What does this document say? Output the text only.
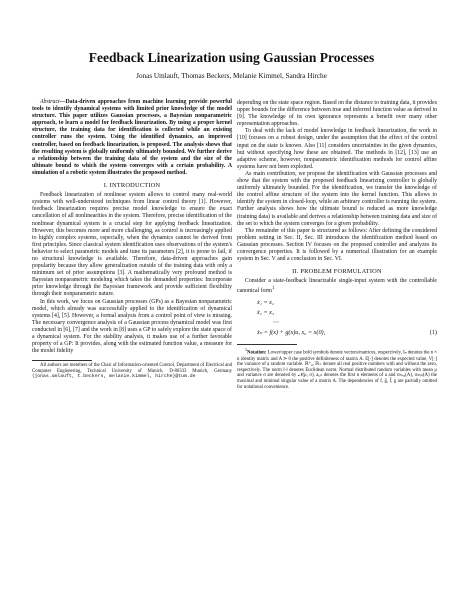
Feedback Linearization using Gaussian Processes
Jonas Umlauft, Thomas Beckers, Melanie Kimmel, Sandra Hirche

Abstract—Data-driven approaches from machine learning provide powerful tools to identify dynamical systems with limited prior knowledge of the model structure. This paper utilizes Gaussian processes, a Bayesian nonparametric approach, to learn a model for feedback linearization. By using a proper kernel structure, the training data for identification is collected while an existing controller runs the system. Using the identified dynamics, an improved controller, based on feedback linearization, is proposed. The analysis shows that the resulting system is globally uniformly ultimately bounded. We further derive a relationship between the training data of the system and the size of the ultimate bound to which the system converges with a certain probability. A simulation of a robotic system illustrates the proposed method.

I. INTRODUCTION

Feedback linearization of nonlinear system allows to control many real-world systems with well-understood techniques from linear control theory [1]. However, feedback linearization requires precise model knowledge to ensure the exact cancellation of all nonlinearities in the system. Therefore, precise identification of the nonlinear dynamical system is a crucial step for applying feedback linearization. However, this becomes more and more challenging, as control is increasingly applied to highly complex systems, especially, when the dynamics cannot be derived from first principles. Since classical system identification uses observations of the system's behavior to select parametric models and tune its parameters [2], it is prone to fail, if no structural knowledge is available. Therefore, data-driven approaches gain popularity because they allow generalization outside of the training data with only a minimum set of prior assumptions [3]. A mathematically very profound method is Bayesian nonparametric modeling which takes the demanded properties: Incorporate prior knowledge through the Bayesian framework and provide sufficient flexibility through their nonparametric nature.

In this work, we focus on Gaussian processes (GPs) as a Bayesian nonparametric model, which already was successfully applied to the identification of dynamical systems [4], [5]. However, a formal analysis from a control point of view is missing. The necessary convergence analysis of a Gaussian process dynamical model was first conducted in [6], [7] and the work in [8] uses a GP to safely explore the state space of a dynamical system. For the stability analysis, it makes use of a further favorable property of a GP: It provides, along with the estimated function value, a measure for the model fidelity

All authors are members of the Chair of Information-oriented Control, Department of Electrical and Computer Engineering, Technical University of Munich, D-80333 Munich, Germany {jonas.umlauft, t.beckers, melanie.kimmel, hirche}@tum.de

depending on the state space region. Based on the distance to training data, it provides upper bounds for the difference between true and inferred function value as derived in [9]. The knowledge of its own ignorance represents a benefit over many other representation approaches.

To deal with the lack of model knowledge in feedback linearization, the work in [10] focuses on a robust design, under the assumption that the effect of the control input on the state is known. Also [11] considers uncertainties in the given dynamics, but without specifying how these are obtained. The methods in [12], [13] use an adaptive scheme, however, nonparametric identification methods for control affine systems have not been exploited.

As main contribution, we propose the identification with Gaussian processes and show that the system with the proposed feedback linearizing controller is globally uniformly ultimately bounded. For the identification, we transfer the knowledge of the control affine structure of the system into the kernel function. This allows to identify the system in closed-loop, while an arbitrary controller is running the system. Further analysis shows how the ultimate bound is reduced as more knowledge (training data) is available and derives a relationship between training data and size of the set to which the system converges for a given probability.

The remainder of this paper is structured as follows: After defining the considered problem setting in Sec. II, Sec. III introduces the identification method based on Gaussian processes. Section IV focuses on the proposed controller and analyzes its convergence properties. It is followed by a numerical illustration for an example system in Sec. V and a conclusion in Sec. VI.

II. PROBLEM FORMULATION

Consider a state-feedback linearizable single-input system with the controllable canonical form$^1$

ẋ₁ = x₂
ẋ₂ = x₃
⋯
ẋₙ = f(x) + g(x)u, x₀ = x(0),	(1)

$^1$Notation: Lower/upper case bold symbols denote vectors/matrices, respectively, Iₙ denotes the n × n identity matrix and A ≻ 0 the positive definiteness of matrix A. E[·] denotes the expected value, V[·] the variance of a random variable. ℝ⁺₀, ℝ₊ denote all real positive numbers with and without the zero, respectively. The norm ‖·‖ denotes Euclidean norm. Normal distributed random variables with mean μ and variance σ are denoted by 𝒩(μ, σ), aᵢ,ₙ denotes the first n elements of a and σₘₐₓ(A), σₘᵢₙ(A) the maximal and minimal singular value of a matrix A. The dependencies of f, ĝ, f̂, g are partially omitted for notational convenience.
